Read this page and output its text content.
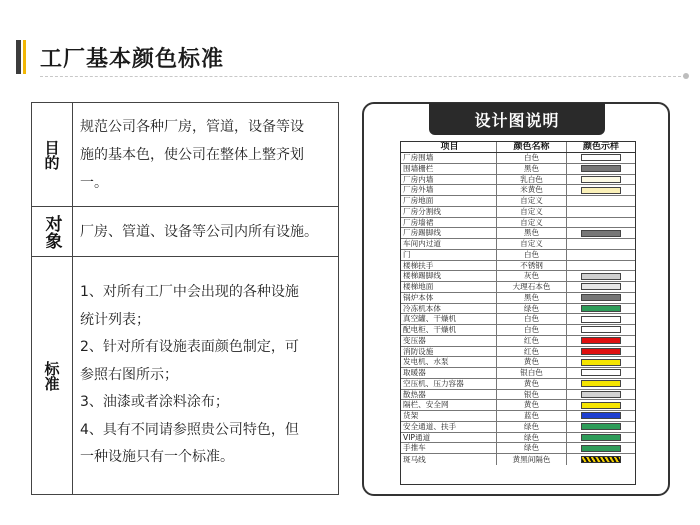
工厂基本颜色标准
目的
规范公司各种厂房，管道，设备等设
施的基本色，使公司在整体上整齐划
一。
对象 厂房、管道、设备等公司内所有设施。
标准
1、对所有工厂中会出现的各种设施
统计列表；
2、针对所有设施表面颜色制定，可
参照右图所示；
3、油漆或者涂料涂布；
4、具有不同请参照贵公司特色，但
一种设施只有一个标准。
设计图说明
项目	颜色名称	颜色示样
厂房围墙	白色
围墙栅栏	黑色
厂房内墙	乳白色
厂房外墙	米黄色
厂房地面	自定义
厂房分割线	自定义
厂房墙裙	自定义
厂房踢脚线	黑色
车间内过道	自定义
门	白色
楼梯扶手	不锈钢
楼梯踢脚线	灰色
楼梯地面	大理石本色
锅炉本体	黑色
冷冻机本体	绿色
真空罐、干燥机	白色
配电柜、干燥机	白色
变压器	红色
消防设施	红色
发电机、水泵	黄色
取暖器	银白色
空压机、压力容器	黄色
散热器	银色
隔栏、安全网	黄色
货架	蓝色
安全通道、扶手	绿色
VIP通道	绿色
手推车	绿色
斑马线	黄黑间隔色
